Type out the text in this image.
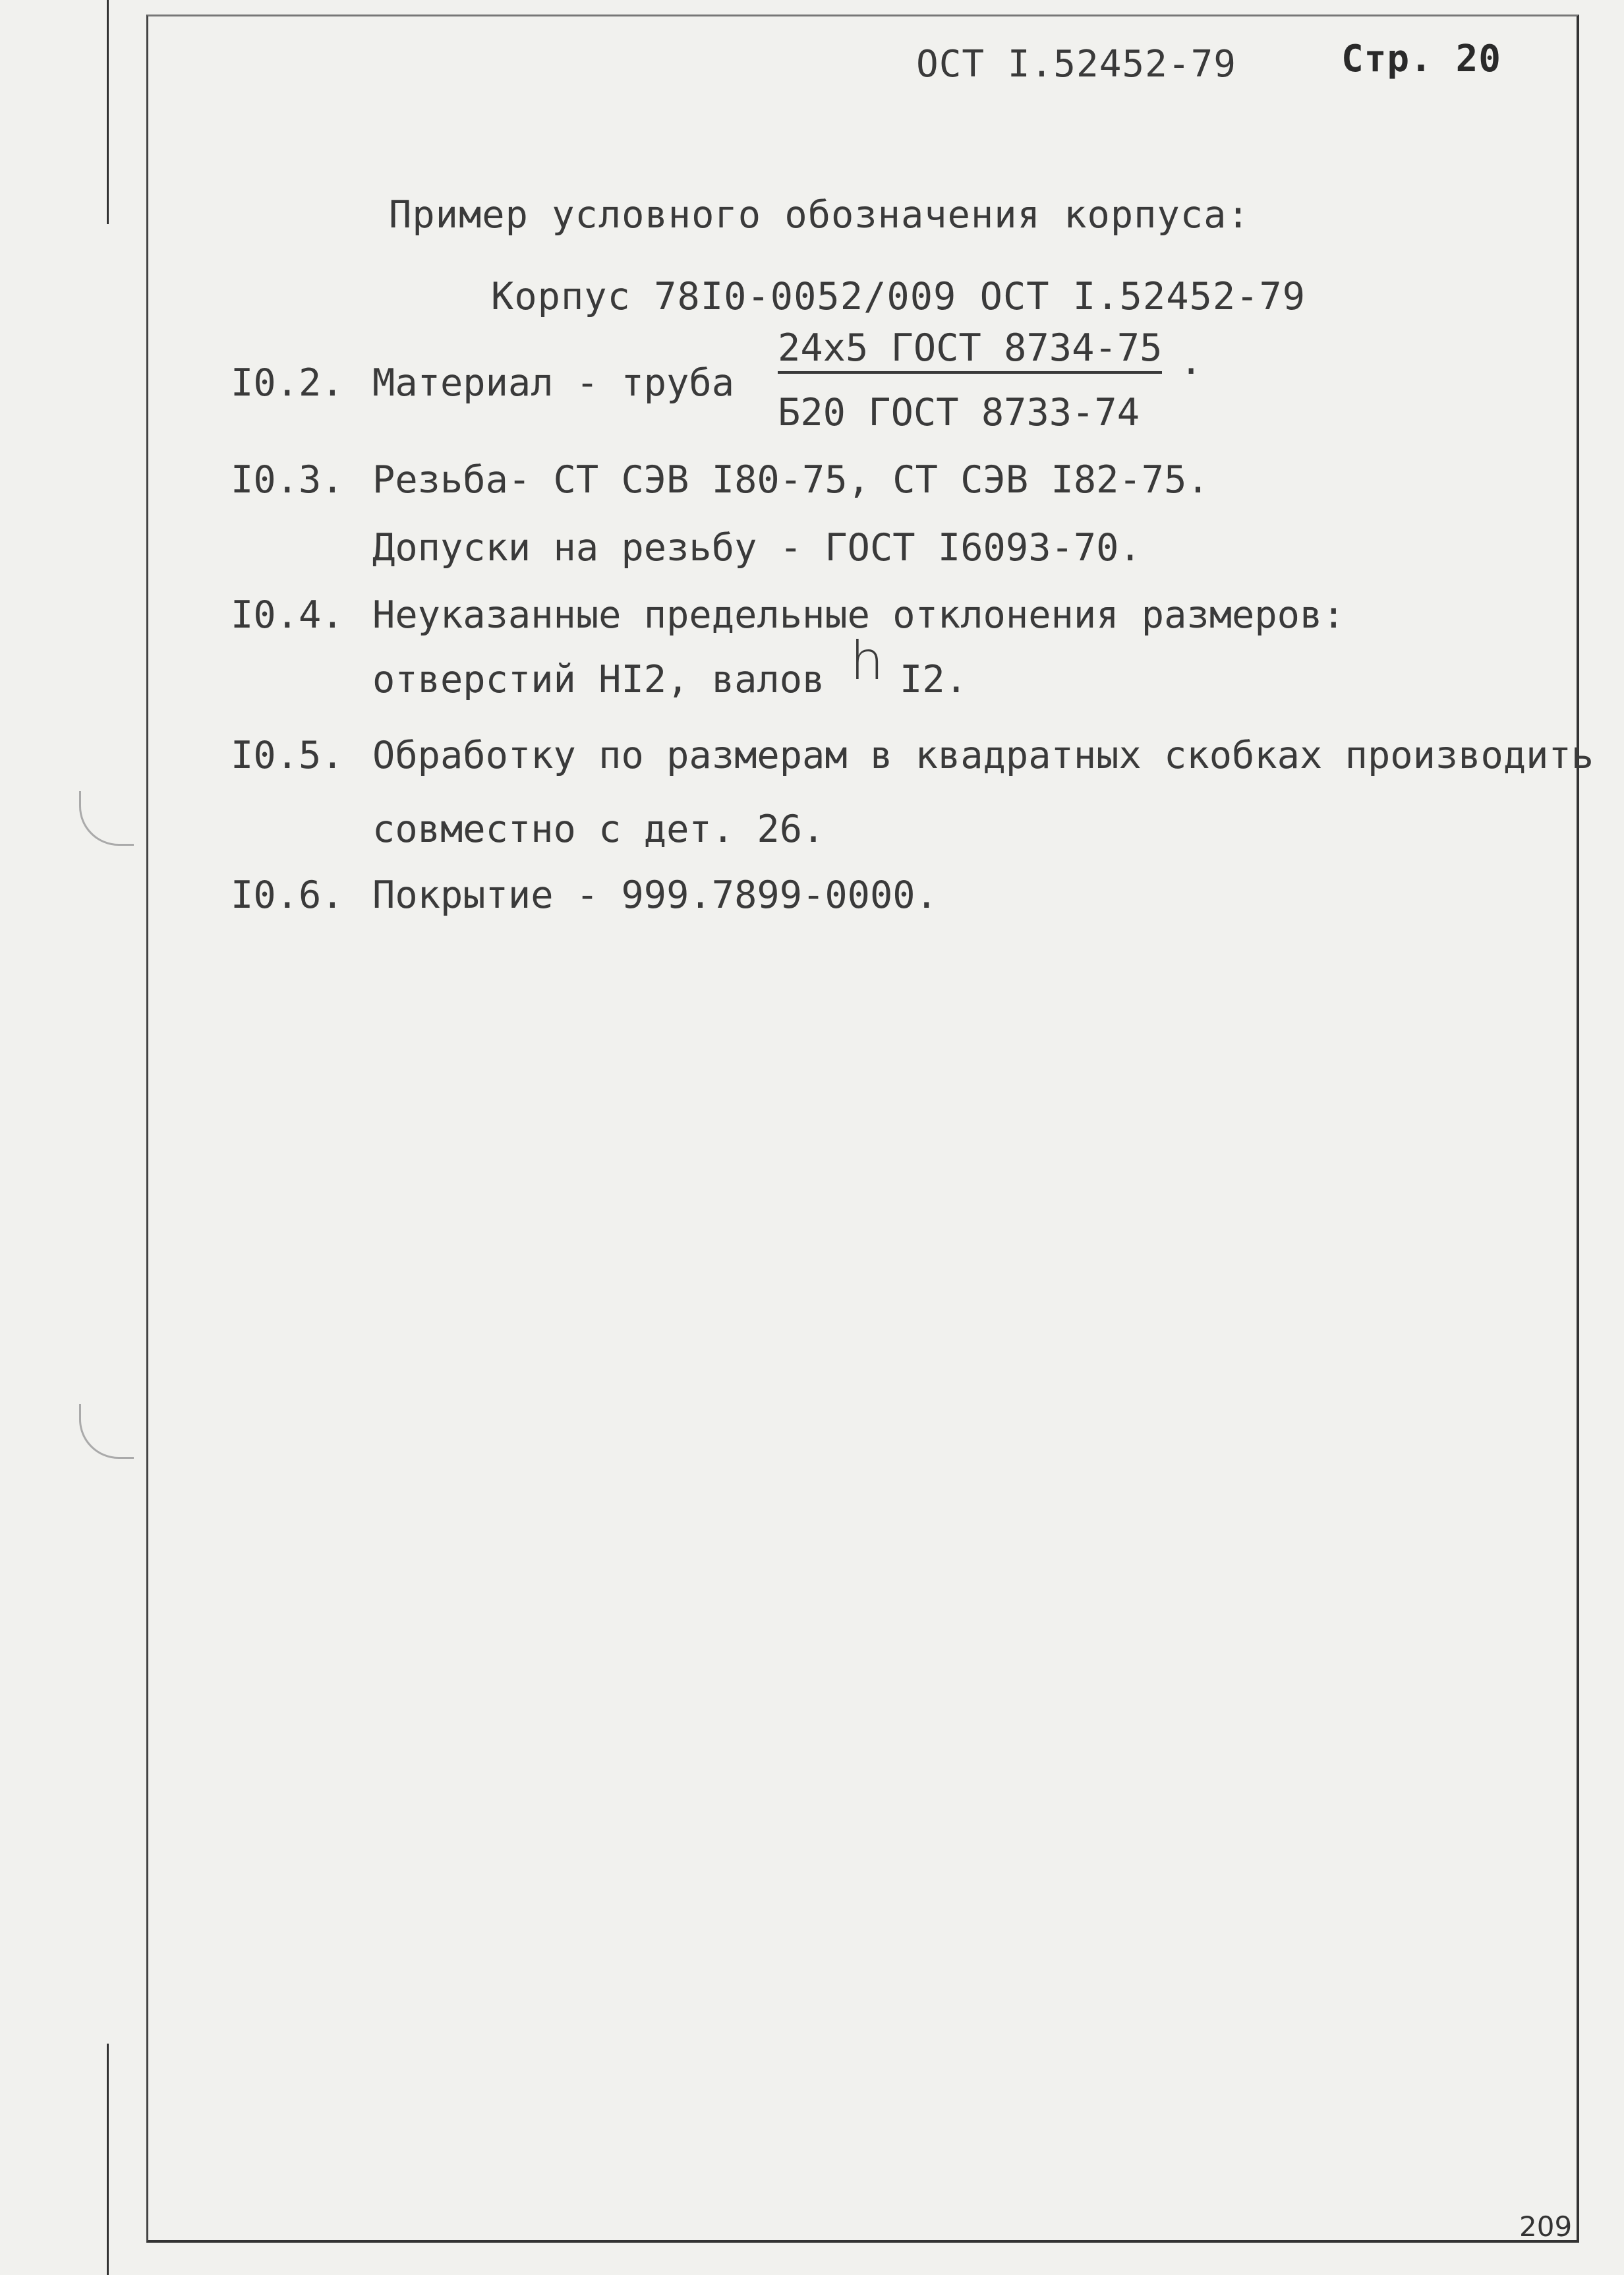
ОСТ I.52452-79	Стр. 20
Пример условного обозначения корпуса:
Корпус 78I0-0052/009 ОСТ I.52452-79
24x5 ГОСТ 8734-75 .
I0.2. Материал - труба
Б20 ГОСТ 8733-74
I0.3. Резьба- СТ СЭВ I80-75, СТ СЭВ I82-75.
Допуски на резьбу - ГОСТ I6093-70.
I0.4. Неуказанные предельные отклонения размеров:
отверстий HI2, валов h I2.
I0.5. Обработку по размерам в квадратных скобках производить
совместно с дет. 26.
I0.6. Покрытие - 999.7899-0000.
209
